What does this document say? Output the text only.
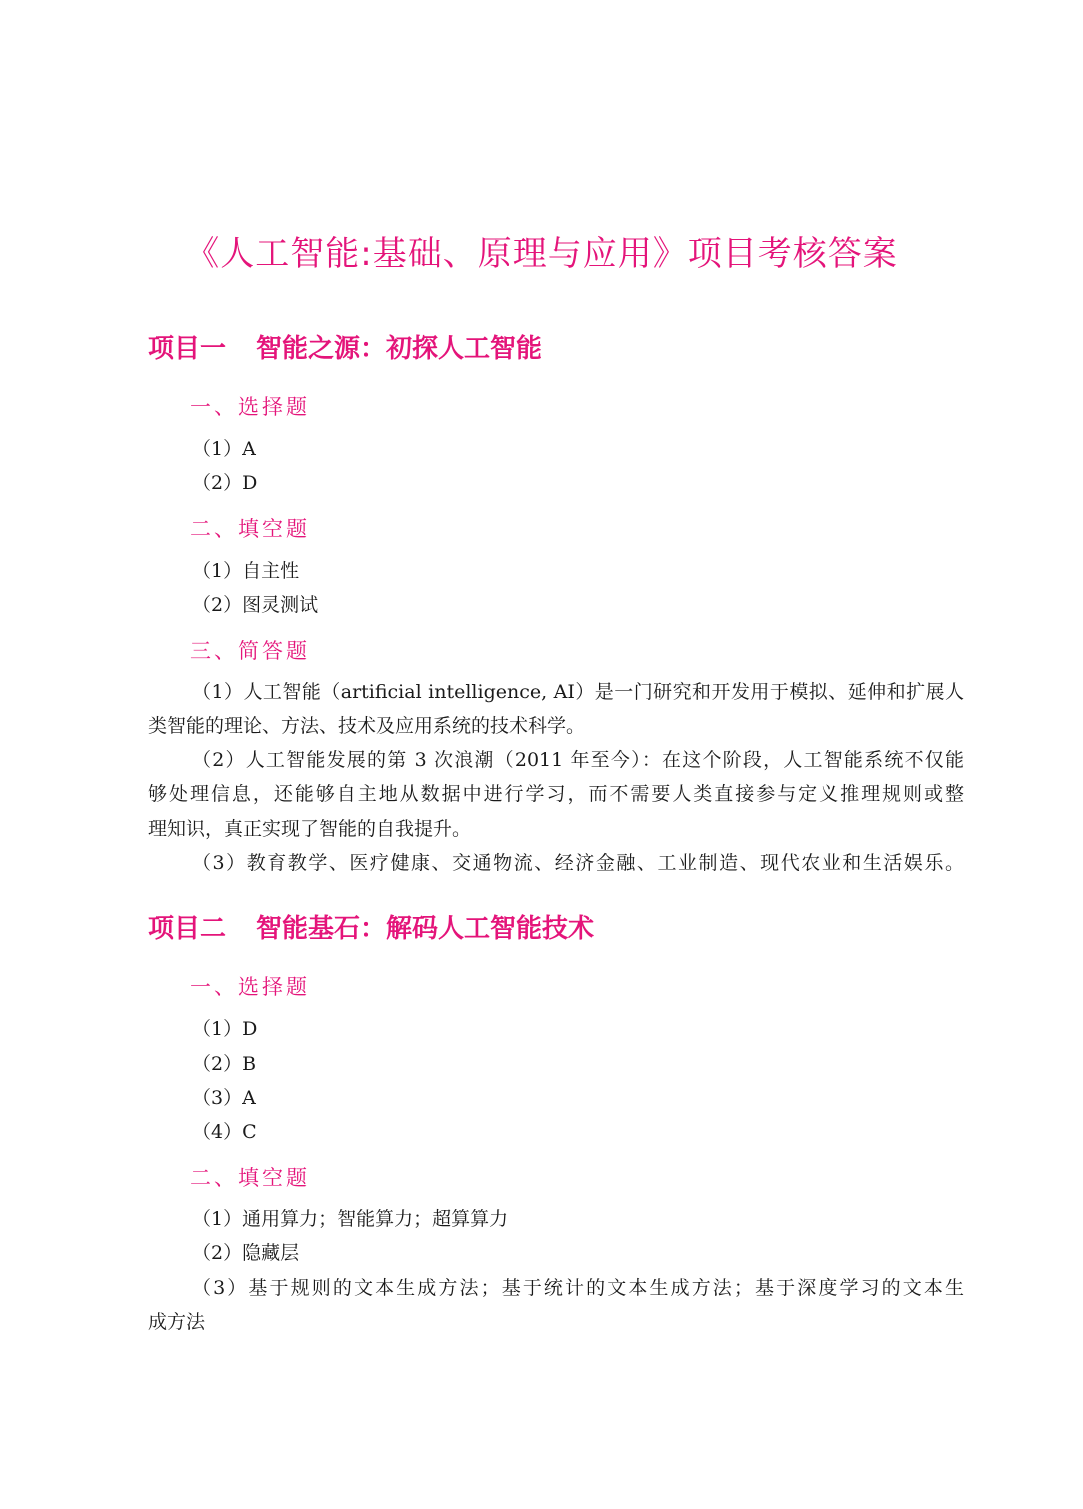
《人工智能:基础、原理与应用》项目考核答案
项目一 智能之源：初探人工智能
一、选择题
（1）A
（2）D
二、填空题
（1）自主性
（2）图灵测试
三、简答题
（1）人工智能（artificial intelligence, AI）是一门研究和开发用于模拟、延伸和扩展人
类智能的理论、方法、技术及应用系统的技术科学。
（2）人工智能发展的第 3 次浪潮（2011 年至今）：在这个阶段，人工智能系统不仅能
够处理信息，还能够自主地从数据中进行学习，而不需要人类直接参与定义推理规则或整
理知识，真正实现了智能的自我提升。
（3）教育教学、医疗健康、交通物流、经济金融、工业制造、现代农业和生活娱乐。
项目二 智能基石：解码人工智能技术
一、选择题
（1）D
（2）B
（3）A
（4）C
二、填空题
（1）通用算力；智能算力；超算算力
（2）隐藏层
（3）基于规则的文本生成方法；基于统计的文本生成方法；基于深度学习的文本生
成方法
